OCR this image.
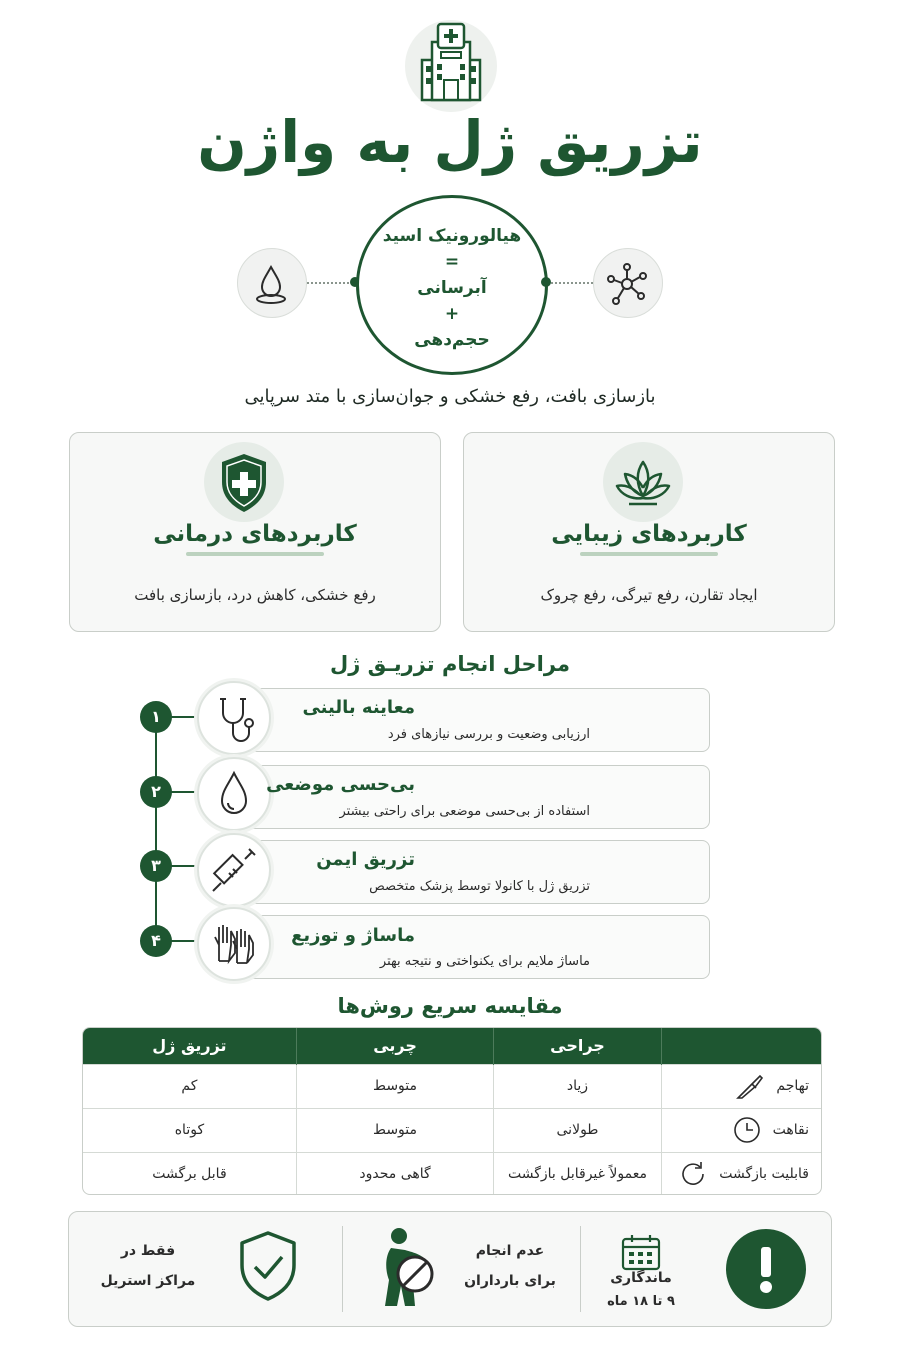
تزریق ژل به واژن
هیالورونیک اسید
=
آبرسانی
+
حجم‌دهی
بازسازی بافت، رفع خشکی و جوان‌سازی با متد سرپایی
کاربردهای زیبایی
ایجاد تقارن، رفع تیرگی، رفع چروک
کاربردهای درمانی
رفع خشکی، کاهش درد، بازسازی بافت
مراحل انجام تزریـق ژل
۱	معاینه بالینی
ارزیابی وضعیت و بررسی نیازهای فرد
۲	بی‌حسی موضعی
استفاده از بی‌حسی موضعی برای راحتی بیشتر
۳	تزریق ایمن
تزریق ژل با کانولا توسط پزشک متخصص
۴	ماساژ و توزیع
ماساژ ملایم برای یکنواختی و نتیجه بهتر
مقایسه سریع روش‌ها
	جراحی	چربی	تزریق ژل

تهاجم	زیاد	متوسط	کم

نقاهت	طولانی	متوسط	کوتاه

قابلیت بازگشت	معمولاً غیرقابل بازگشت	گاهی محدود	قابل برگشت
ماندگاری
۹ تا ۱۸ ماه
عدم انجام
برای بارداران
فقط در
مراکز استریل
